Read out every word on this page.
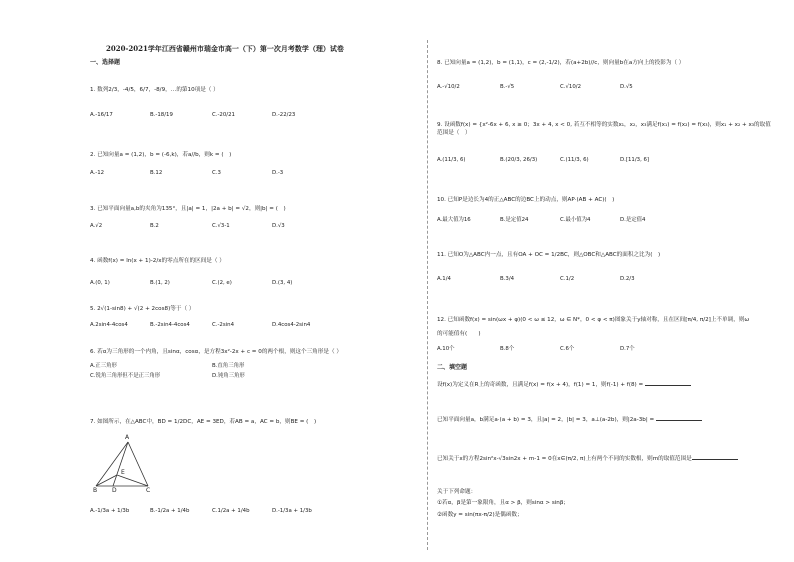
2020-2021学年江西省赣州市瑞金市高一（下）第一次月考数学（理）试卷
一、选择题
1. 数列2/3，-4/5，6/7，-8/9，…的第10项是（ ）
A.-16/17	B.-18/19	C.-20/21	D.-22/23
2. 已知向量a = (1,2)，b = (-6,k)，若a//b，则k = (　)
A.-12	B.12	C.3	D.-3
3. 已知平面向量a,b的夹角为135°，且|a| = 1，|2a + b| = √2，则|b| = (　)
A.√2	B.2	C.√3-1	D.√3
4. 函数f(x) = ln(x + 1)-2/x的零点所在的区间是（ ）
A.(0, 1)	B.(1, 2)	C.(2, e)	D.(3, 4)
5. 2√(1-sin8) + √(2 + 2cos8)等于（ ）
A.2sin4-4cos4	B.-2sin4-4cos4	C.-2sin4	D.4cos4-2sin4
6. 若α为三角形的一个内角，且sinα，cosα，是方程3x²-2x + c = 0的两个根，则这个三角形是（ ）
A.正三角形	B.直角三角形
C.锐角三角形但不是正三角形	D.钝角三角形
7. 如图所示，在△ABC中，BD = 1/2DC，AE = 3ED，若AB = a，AC = b，则BE = (　)
A
E
B D	C
A.-1/3a + 1/3b	B.-1/2a + 1/4b	C.1/2a + 1/4b	D.-1/3a + 1/3b
8. 已知向量a = (1,2)，b = (1,1)，c = (2,-1/2)，若(a+2b)//c，则向量b在a方向上的投影为（ ）
A.-√10/2	B.-√5	C.√10/2	D.√5
9. 设函数f(x) = {x²-6x + 6, x ≥ 0；3x + 4, x < 0, 若互不相等的实数x₁，x₂，x₃满足f(x₁) = f(x₂) = f(x₃)，则x₁ + x₂ + x₃的取值范围是（　）
A.(11/3, 6)	B.(20/3, 26/3)	C.(11/3, 6)	D.[11/3, 6]
10. 已知P是边长为4的正△ABC的边BC上的动点，则AP·(AB + AC)(　)
A.最大值为16	B.是定值24	C.最小值为4	D.是定值4
11. 已知O为△ABC内一点，且有OA + OC = 1/2BC，则△OBC和△ABC的面积之比为(　)
A.1/4	B.3/4	C.1/2	D.2/3
12. 已知函数f(x) = sin(ωx + φ)(0 < ω ≤ 12，ω ∈ N*，0 < φ < π)图象关于y轴对称，且在区间[π/4, π/2]上不单调，则ω
的可能值有(　　)
A.10个	B.8个	C.6个	D.7个
二、填空题
设f(x)为定义在R上的奇函数，且满足f(x) = f(x + 4)，f(1) = 1，则f(-1) + f(8) =
已知平面向量a，b满足a·(a + b) = 3，且|a| = 2，|b| = 3，a⊥(a-2b)，则|2a-3b| =
已知关于x的方程2sin²x-√3sin2x + m-1 = 0在x∈(π/2, π)上有两个不同的实数根，则m的取值范围是
关于下列命题：
①若α，β是第一象限角，且α > β，则sinα > sinβ；
②函数y = sin(πx-π/2)是偶函数；
